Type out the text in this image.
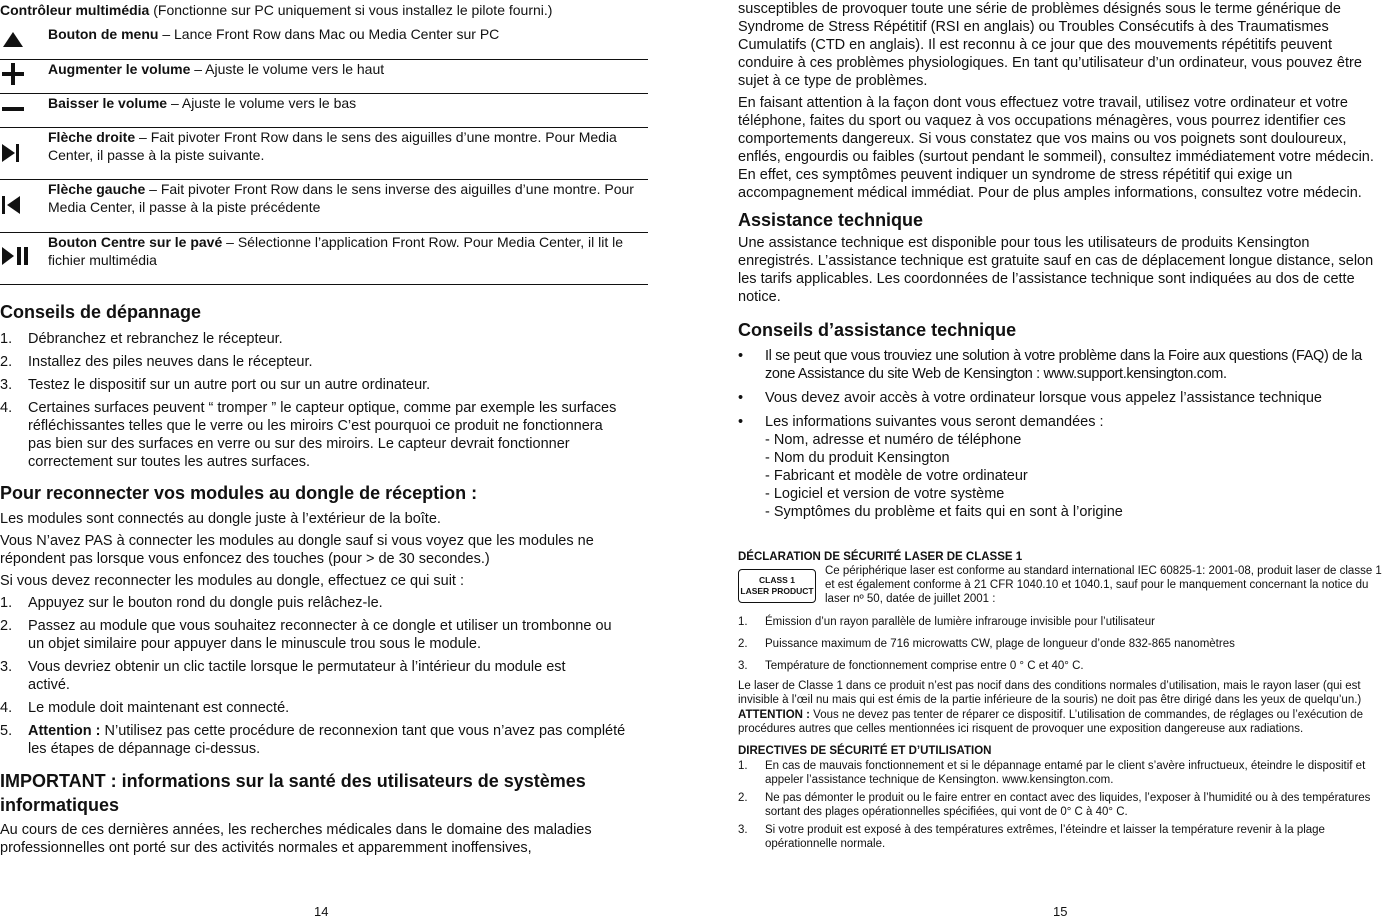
Contrôleur multimédia (Fonctionne sur PC uniquement si vous installez le pilote fourni.)
	Bouton de menu – Lance Front Row dans Mac ou Media Center sur PC

	Augmenter le volume – Ajuste le volume vers le haut

	Baisser le volume – Ajuste le volume vers le bas

	Flèche droite – Fait pivoter Front Row dans le sens des aiguilles d’une montre. Pour Media Center, il passe à la piste suivante.

	Flèche gauche – Fait pivoter Front Row dans le sens inverse des aiguilles d’une montre. Pour Media Center, il passe à la piste précédente

	Bouton Centre sur le pavé – Sélectionne l’application Front Row. Pour Media Center, il lit le fichier multimédia
Conseils de dépannage
1. Débranchez et rebranchez le récepteur.
2. Installez des piles neuves dans le récepteur.
3. Testez le dispositif sur un autre port ou sur un autre ordinateur.
4. Certaines surfaces peuvent “ tromper ” le capteur optique, comme par exemple les surfaces réfléchissantes telles que le verre ou les miroirs C’est pourquoi ce produit ne fonctionnera pas bien sur des surfaces en verre ou sur des miroirs. Le capteur devrait fonctionner correctement sur toutes les autres surfaces.
Pour reconnecter vos modules au dongle de réception :

Les modules sont connectés au dongle juste à l’extérieur de la boîte.

Vous N’avez PAS à connecter les modules au dongle sauf si vous voyez que les modules ne répondent pas lorsque vous enfoncez des touches (pour > de 30 secondes.)

Si vous devez reconnecter les modules au dongle, effectuez ce qui suit :

1. Appuyez sur le bouton rond du dongle puis relâchez-le.
2. Passez au module que vous souhaitez reconnecter à ce dongle et utiliser un trombonne ou un objet similaire pour appuyer dans le minuscule trou sous le module.
3. Vous devriez obtenir un clic tactile lorsque le permutateur à l’intérieur du module est activé.
4. Le module doit maintenant est connecté.
5. Attention : N’utilisez pas cette procédure de reconnexion tant que vous n’avez pas complété les étapes de dépannage ci-dessus.
IMPORTANT : informations sur la santé des utilisateurs de systèmes informatiques

Au cours de ces dernières années, les recherches médicales dans le domaine des maladies professionnelles ont porté sur des activités normales et apparemment inoffensives,

14

susceptibles de provoquer toute une série de problèmes désignés sous le terme générique de Syndrome de Stress Répétitif (RSI en anglais) ou Troubles Consécutifs à des Traumatismes Cumulatifs (CTD en anglais). Il est reconnu à ce jour que des mouvements répétitifs peuvent conduire à ces problèmes physiologiques. En tant qu’utilisateur d’un ordinateur, vous pouvez être sujet à ce type de problèmes.

En faisant attention à la façon dont vous effectuez votre travail, utilisez votre ordinateur et votre téléphone, faites du sport ou vaquez à vos occupations ménagères, vous pourrez identifier ces comportements dangereux. Si vous constatez que vos mains ou vos poignets sont douloureux, enflés, engourdis ou faibles (surtout pendant le sommeil), consultez immédiatement votre médecin. En effet, ces symptômes peuvent indiquer un syndrome de stress répétitif qui exige un accompagnement médical immédiat. Pour de plus amples informations, consultez votre médecin.

Assistance technique

Une assistance technique est disponible pour tous les utilisateurs de produits Kensington enregistrés. L’assistance technique est gratuite sauf en cas de déplacement longue distance, selon les tarifs applicables. Les coordonnées de l’assistance technique sont indiquées au dos de cette notice.

Conseils d’assistance technique
• Il se peut que vous trouviez une solution à votre problème dans la Foire aux questions (FAQ) de la zone Assistance du site Web de Kensington : www.support.kensington.com.
• Vous devez avoir accès à votre ordinateur lorsque vous appelez l’assistance technique
• Les informations suivantes vous seront demandées :
- Nom, adresse et numéro de téléphone
- Nom du produit Kensington
- Fabricant et modèle de votre ordinateur
- Logiciel et version de votre système
- Symptômes du problème et faits qui en sont à l’origine
DÉCLARATION DE SÉCURITÉ LASER DE CLASSE 1
CLASS 1
LASER PRODUCT
Ce périphérique laser est conforme au standard international IEC 60825-1: 2001-08, produit laser de classe 1 et est également conforme à 21 CFR 1040.10 et 1040.1, sauf pour le manquement concernant la notice du laser nº 50, datée de juillet 2001 :
1. Émission d’un rayon parallèle de lumière infrarouge invisible pour l’utilisateur
2. Puissance maximum de 716 microwatts CW, plage de longueur d’onde 832-865 nanomètres
3. Température de fonctionnement comprise entre 0 ° C et 40° C.
Le laser de Classe 1 dans ce produit n’est pas nocif dans des conditions normales d’utilisation, mais le rayon laser (qui est invisible à l’œil nu mais qui est émis de la partie inférieure de la souris) ne doit pas être dirigé dans les yeux de quelqu’un.)
ATTENTION : Vous ne devez pas tenter de réparer ce dispositif. L’utilisation de commandes, de réglages ou l’exécution de procédures autres que celles mentionnées ici risquent de provoquer une exposition dangereuse aux radiations.
DIRECTIVES DE SÉCURITÉ ET D’UTILISATION
1. En cas de mauvais fonctionnement et si le dépannage entamé par le client s’avère infructueux, éteindre le dispositif et appeler l’assistance technique de Kensington. www.kensington.com.
2. Ne pas démonter le produit ou le faire entrer en contact avec des liquides, l’exposer à l’humidité ou à des températures sortant des plages opérationnelles spécifiées, qui vont de 0° C à 40° C.
3. Si votre produit est exposé à des températures extrêmes, l’éteindre et laisser la température revenir à la plage opérationnelle normale.
15
